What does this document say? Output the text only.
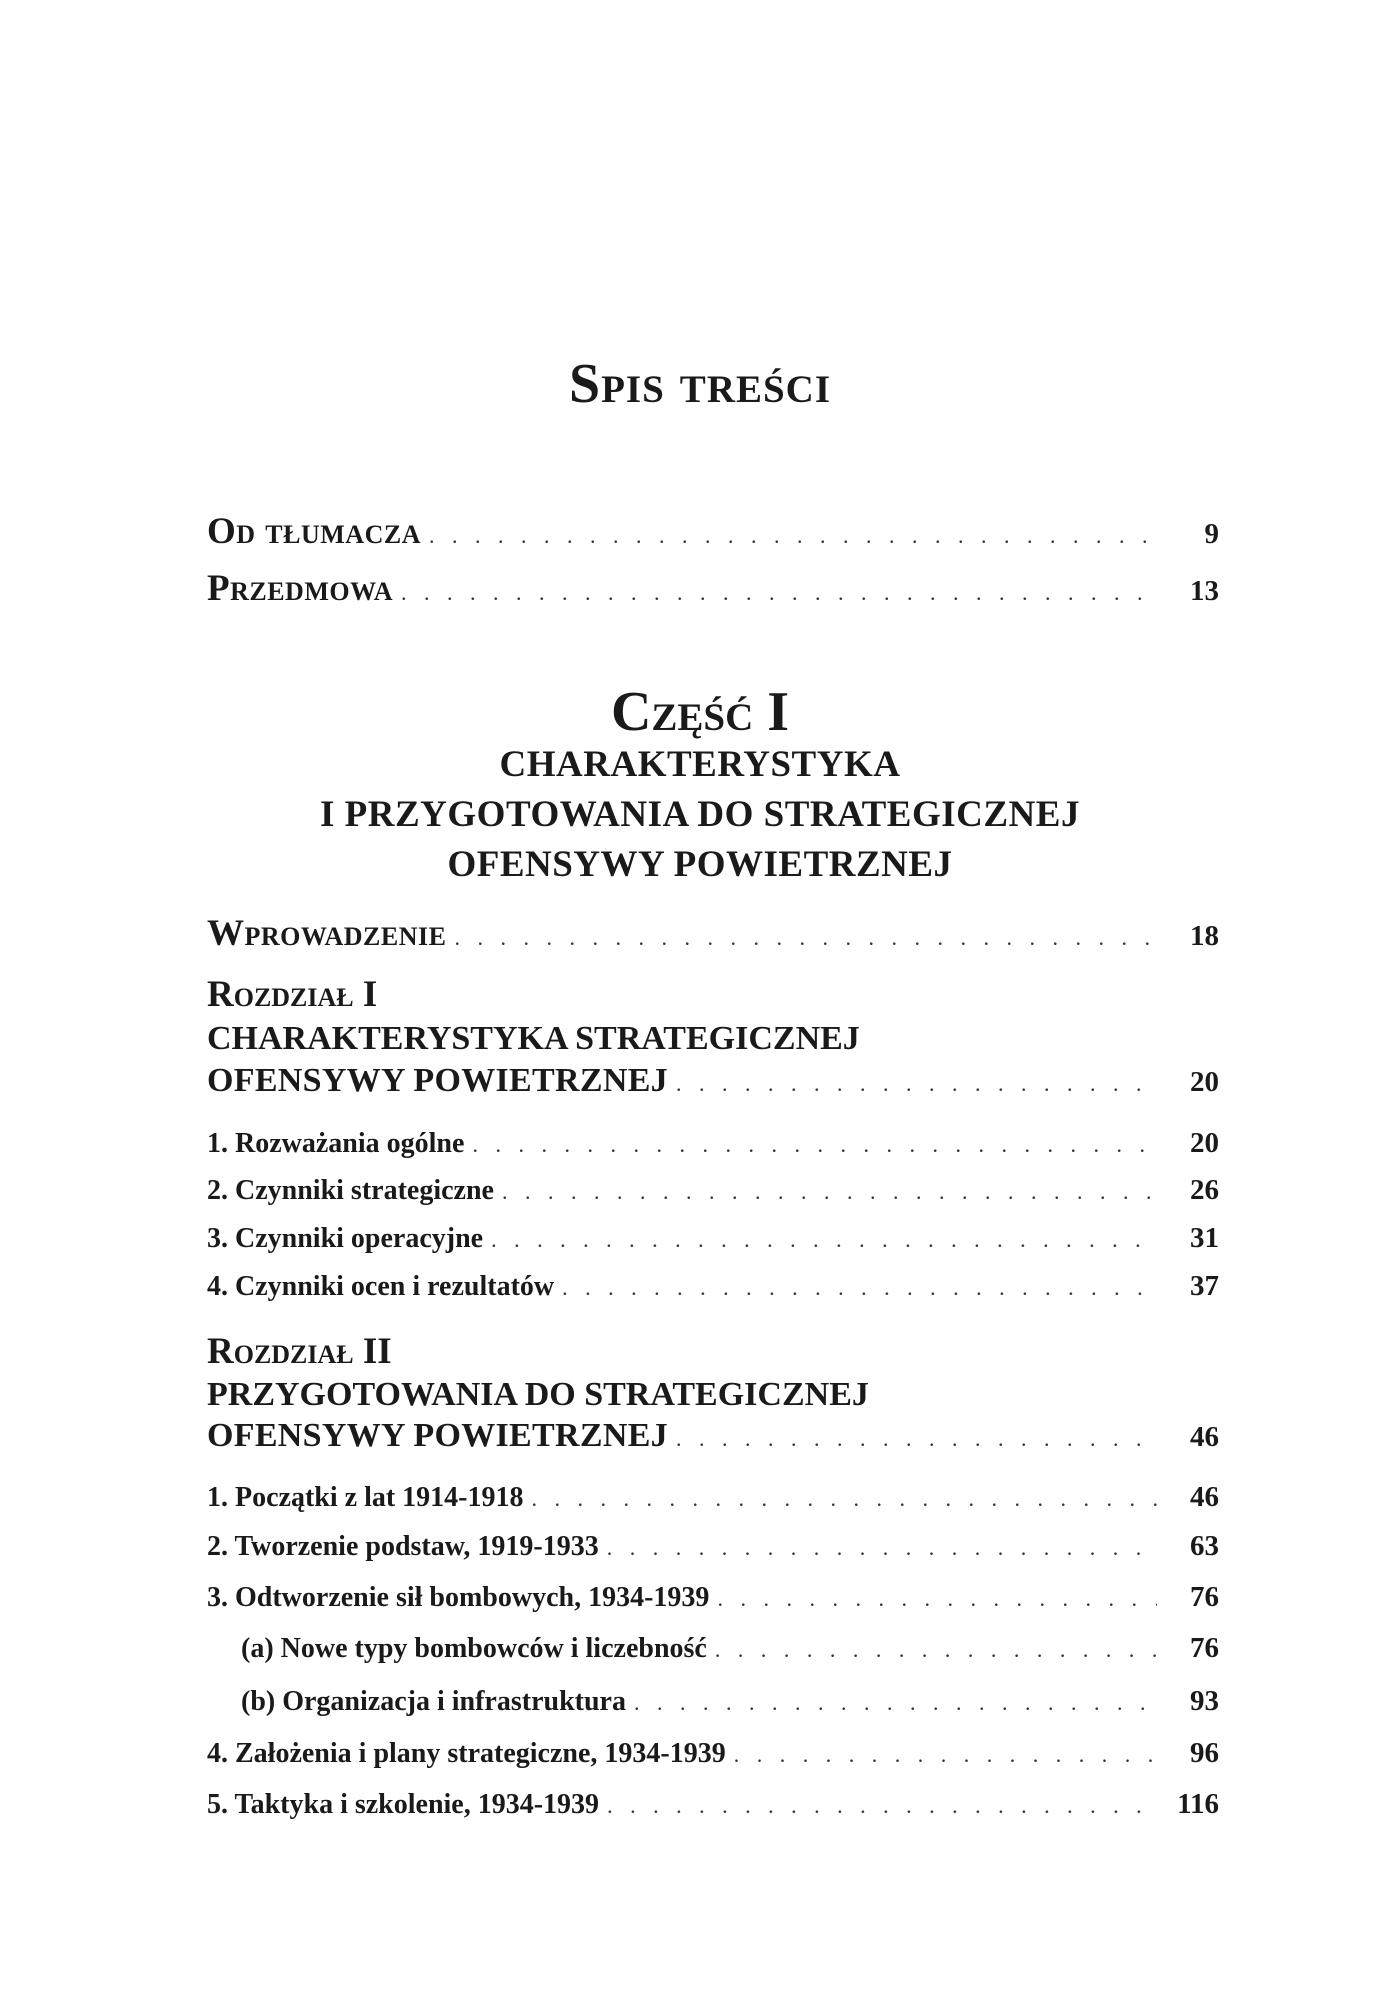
Spis treści
Od tłumacza . . .	9
Przedmowa . . .	13
Część I
CHARAKTERYSTYKA
I PRZYGOTOWANIA DO STRATEGICZNEJ
OFENSYWY POWIETRZNEJ
Wprowadzenie . . .	18
Rozdział I
CHARAKTERYSTYKA STRATEGICZNEJ
OFENSYWY POWIETRZNEJ . . .	20
1. Rozważania ogólne . . .	20
2. Czynniki strategiczne . . .	26
3. Czynniki operacyjne . . .	31
4. Czynniki ocen i rezultatów . . .	37
Rozdział II
PRZYGOTOWANIA DO STRATEGICZNEJ
OFENSYWY POWIETRZNEJ . . .	46
1. Początki z lat 1914-1918 . . .	46
2. Tworzenie podstaw, 1919-1933 . . .	63
3. Odtworzenie sił bombowych, 1934-1939 . . .	76
(a) Nowe typy bombowców i liczebność . . .	76
(b) Organizacja i infrastruktura . . .	93
4. Założenia i plany strategiczne, 1934-1939 . . .	96
5. Taktyka i szkolenie, 1934-1939 . . .	116
